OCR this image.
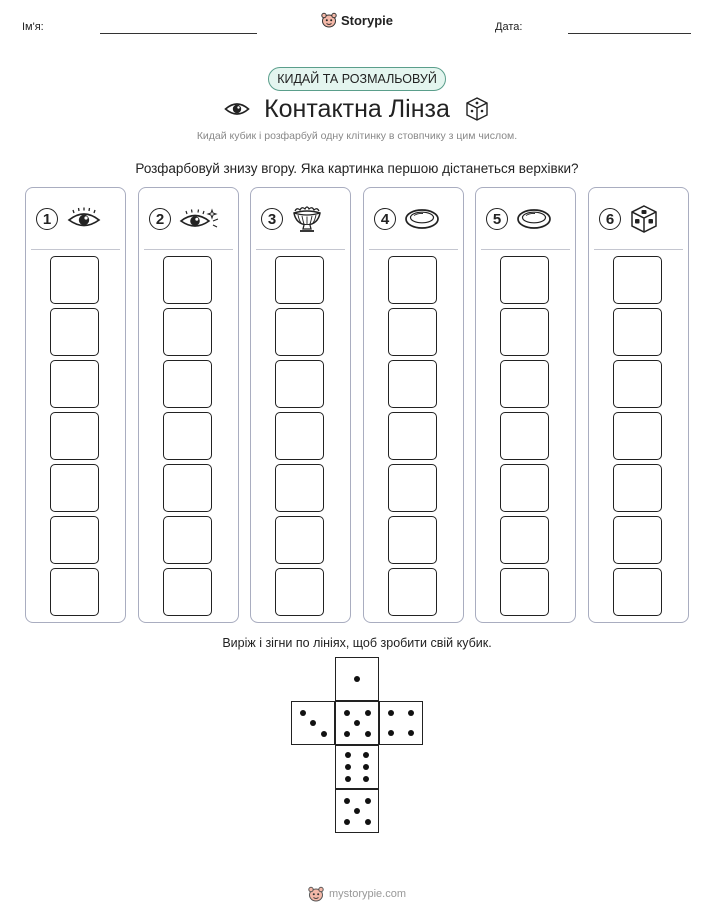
Ім'я:	Storypie	Дата:
КИДАЙ ТА РОЗМАЛЬОВУЙ
Контактна Лінза
Кидай кубик і розфарбуй одну клітинку в стовпчику з цим числом.
Розфарбовуй знизу вгору. Яка картинка першою дістанеться верхівки?
1	2	3	4	5	6
Виріж і зігни по лініях, щоб зробити свій кубик.
mystorypie.com
